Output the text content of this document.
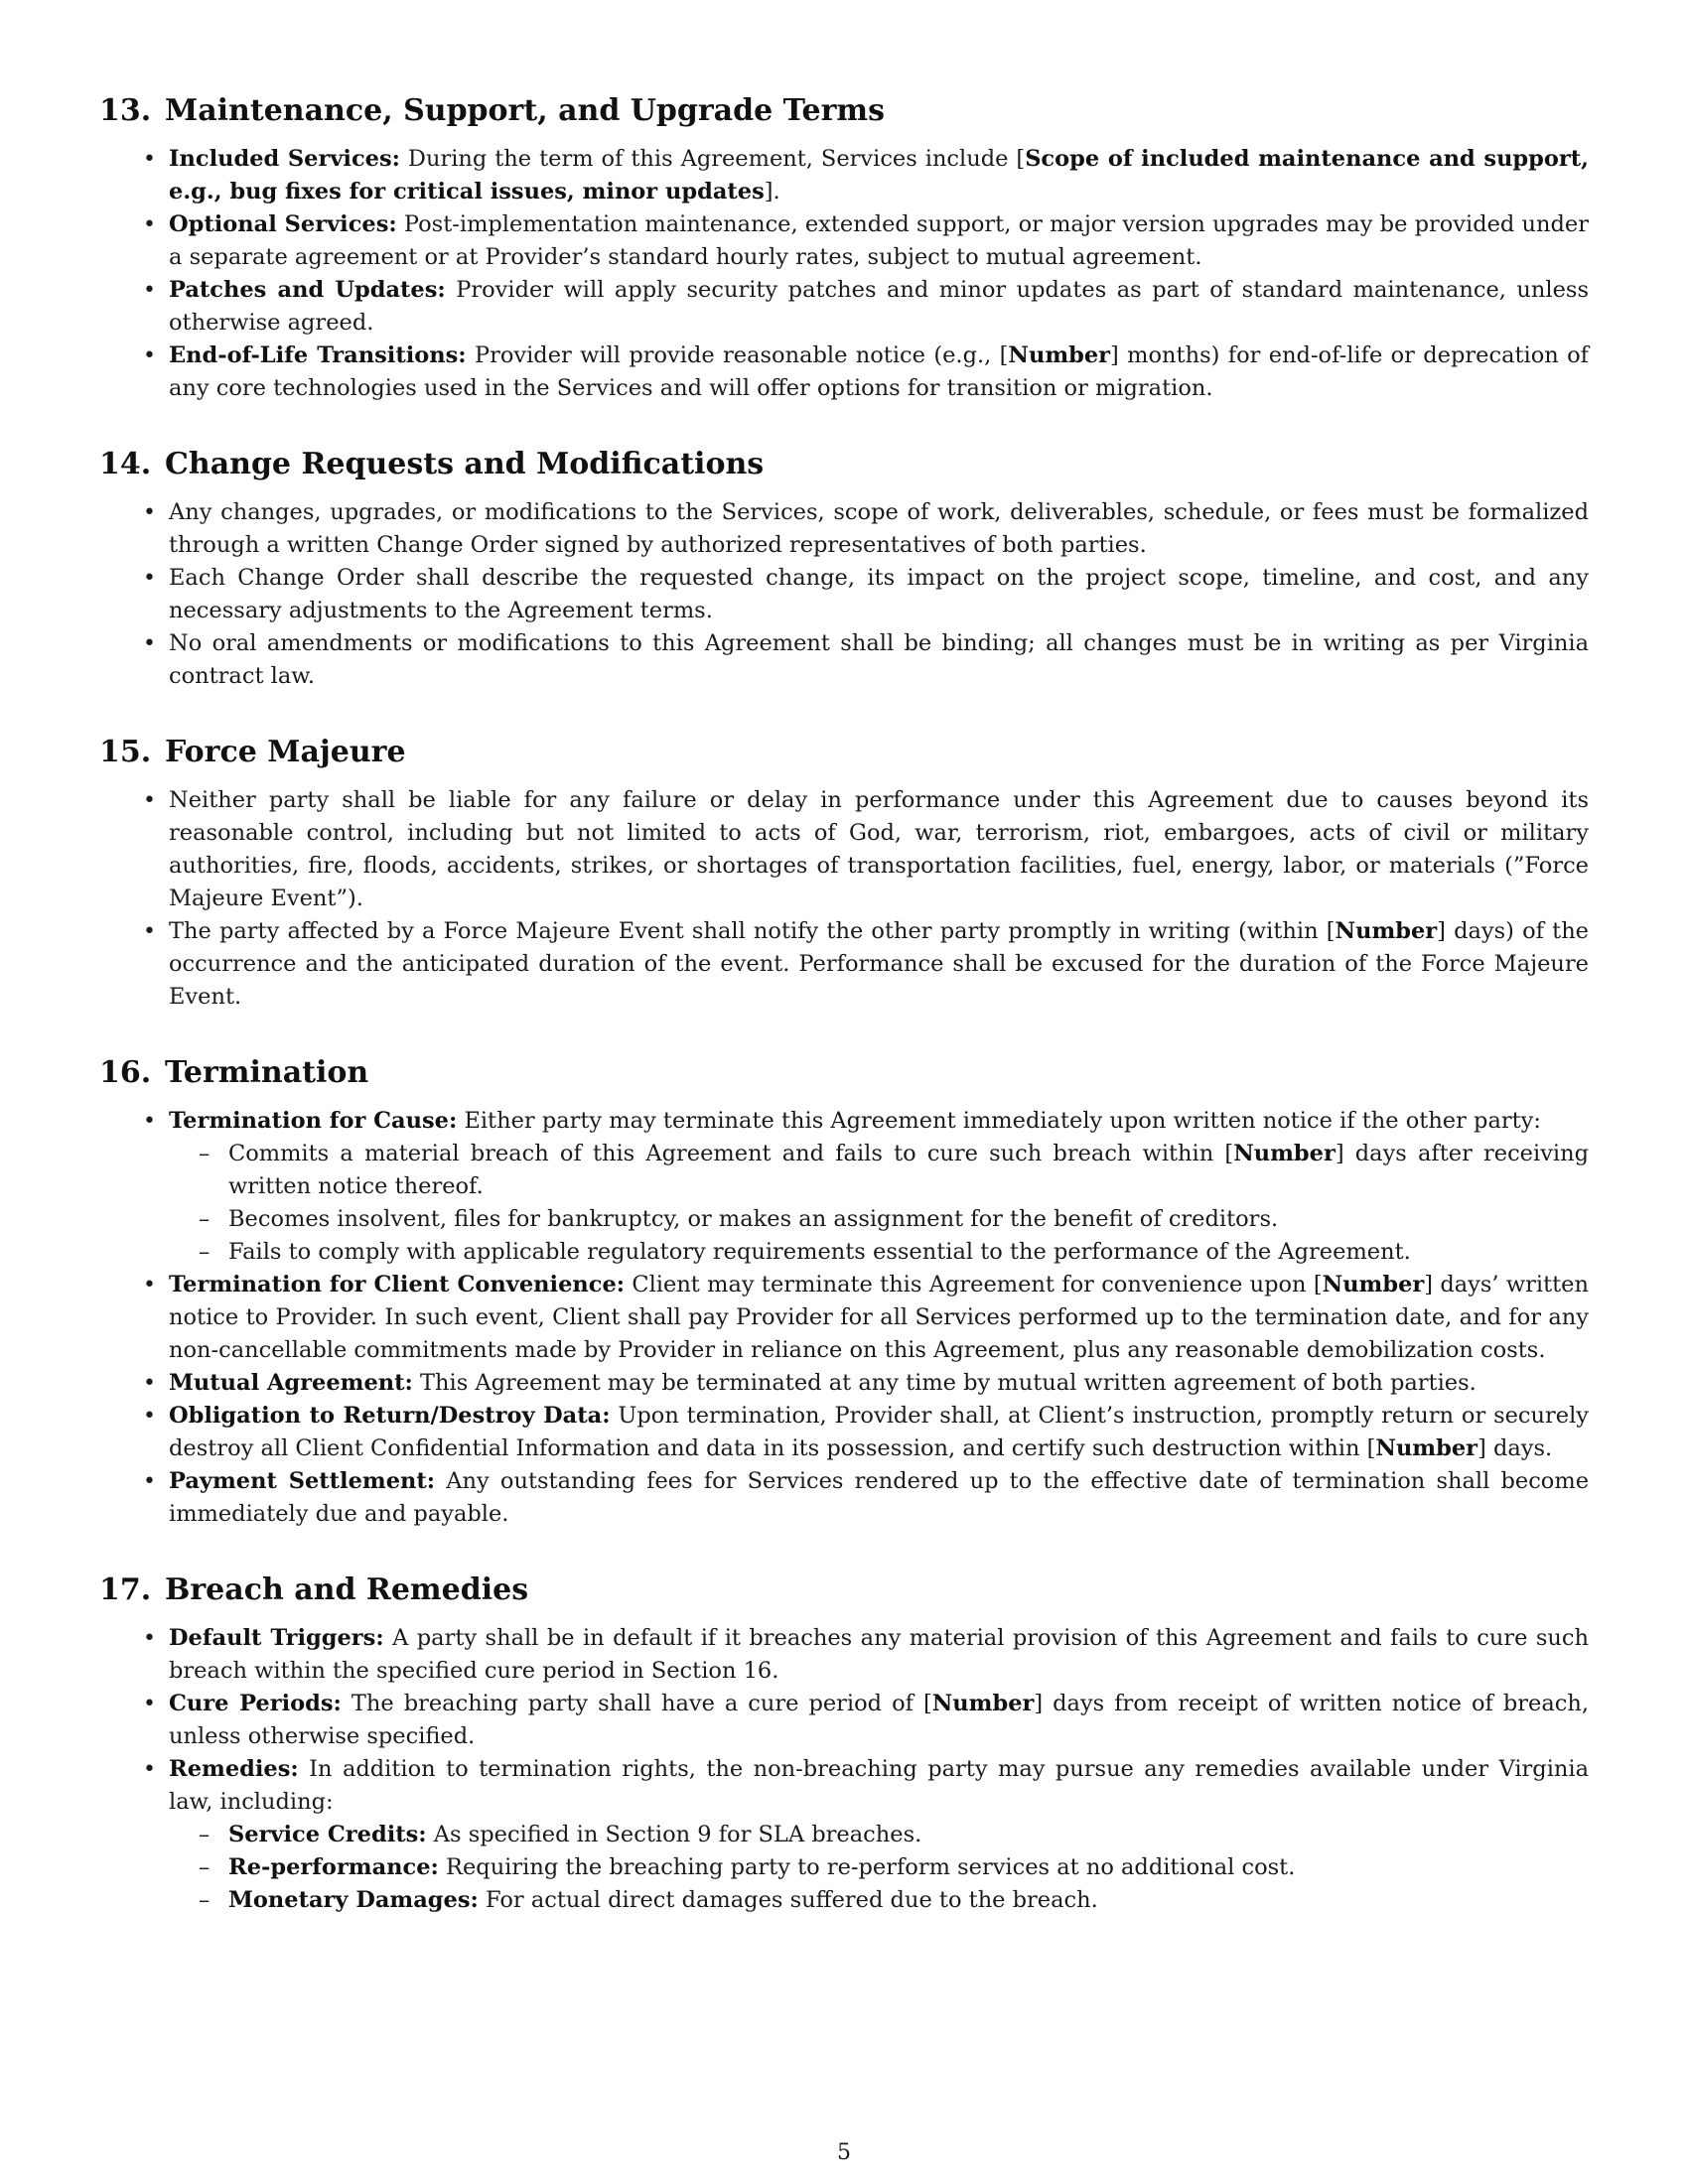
13. Maintenance, Support, and Upgrade Terms
• Included Services: During the term of this Agreement, Services include [Scope of included maintenance and support, e.g., bug fixes for critical issues, minor updates].
• Optional Services: Post-implementation maintenance, extended support, or major version upgrades may be provided under a separate agreement or at Provider’s standard hourly rates, subject to mutual agreement.
• Patches and Updates: Provider will apply security patches and minor updates as part of standard maintenance, unless otherwise agreed.
• End-of-Life Transitions: Provider will provide reasonable notice (e.g., [Number] months) for end-of-life or deprecation of any core technologies used in the Services and will offer options for transition or migration.
14. Change Requests and Modifications
• Any changes, upgrades, or modifications to the Services, scope of work, deliverables, schedule, or fees must be formalized through a written Change Order signed by authorized representatives of both parties.
• Each Change Order shall describe the requested change, its impact on the project scope, timeline, and cost, and any necessary adjustments to the Agreement terms.
• No oral amendments or modifications to this Agreement shall be binding; all changes must be in writing as per Virginia contract law.
15. Force Majeure
• Neither party shall be liable for any failure or delay in performance under this Agreement due to causes beyond its reasonable control, including but not limited to acts of God, war, terrorism, riot, embargoes, acts of civil or military authorities, fire, floods, accidents, strikes, or shortages of transportation facilities, fuel, energy, labor, or materials (”Force Majeure Event”).
• The party affected by a Force Majeure Event shall notify the other party promptly in writing (within [Number] days) of the occurrence and the anticipated duration of the event. Performance shall be excused for the duration of the Force Majeure Event.
16. Termination
• Termination for Cause: Either party may terminate this Agreement immediately upon written notice if the other party:
– Commits a material breach of this Agreement and fails to cure such breach within [Number] days after receiving written notice thereof.
– Becomes insolvent, files for bankruptcy, or makes an assignment for the benefit of creditors.
– Fails to comply with applicable regulatory requirements essential to the performance of the Agreement.
• Termination for Client Convenience: Client may terminate this Agreement for convenience upon [Number] days’ written notice to Provider. In such event, Client shall pay Provider for all Services performed up to the termination date, and for any non-cancellable commitments made by Provider in reliance on this Agreement, plus any reasonable demobilization costs.
• Mutual Agreement: This Agreement may be terminated at any time by mutual written agreement of both parties.
• Obligation to Return/Destroy Data: Upon termination, Provider shall, at Client’s instruction, promptly return or securely destroy all Client Confidential Information and data in its possession, and certify such destruction within [Number] days.
• Payment Settlement: Any outstanding fees for Services rendered up to the effective date of termination shall become immediately due and payable.
17. Breach and Remedies
• Default Triggers: A party shall be in default if it breaches any material provision of this Agreement and fails to cure such breach within the specified cure period in Section 16.
• Cure Periods: The breaching party shall have a cure period of [Number] days from receipt of written notice of breach, unless otherwise specified.
• Remedies: In addition to termination rights, the non-breaching party may pursue any remedies available under Virginia law, including:
– Service Credits: As specified in Section 9 for SLA breaches.
– Re-performance: Requiring the breaching party to re-perform services at no additional cost.
– Monetary Damages: For actual direct damages suffered due to the breach.
5
